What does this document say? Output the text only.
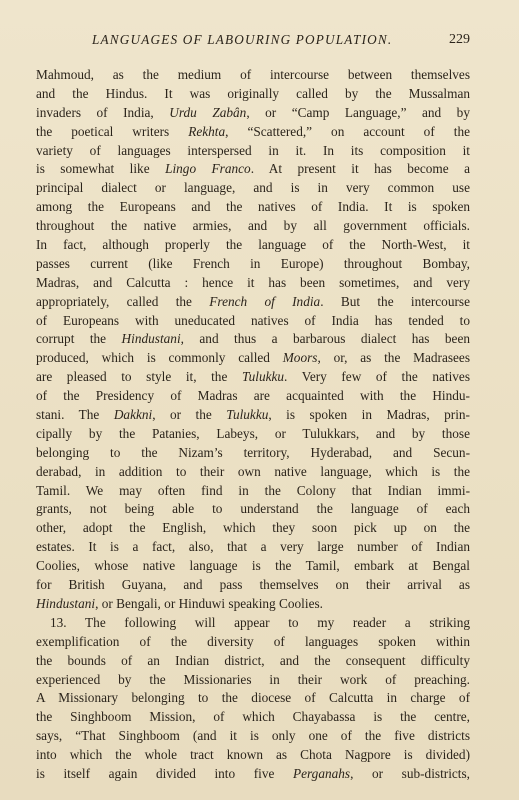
LANGUAGES OF LABOURING POPULATION.	229
Mahmoud, as the medium of intercourse between themselves
and the Hindus. It was originally called by the Mussalman
invaders of India, Urdu Zabân, or “Camp Language,” and by
the poetical writers Rekhta, “Scattered,” on account of the
variety of languages interspersed in it. In its composition it
is somewhat like Lingo Franco. At present it has become a
principal dialect or language, and is in very common use
among the Europeans and the natives of India. It is spoken
throughout the native armies, and by all government officials.
In fact, although properly the language of the North-West, it
passes current (like French in Europe) throughout Bombay,
Madras, and Calcutta : hence it has been sometimes, and very
appropriately, called the French of India. But the intercourse
of Europeans with uneducated natives of India has tended to
corrupt the Hindustani, and thus a barbarous dialect has been
produced, which is commonly called Moors, or, as the Madrasees
are pleased to style it, the Tulukku. Very few of the natives
of the Presidency of Madras are acquainted with the Hindu-
stani. The Dakkni, or the Tulukku, is spoken in Madras, prin-
cipally by the Patanies, Labeys, or Tulukkars, and by those
belonging to the Nizam’s territory, Hyderabad, and Secun-
derabad, in addition to their own native language, which is the
Tamil. We may often find in the Colony that Indian immi-
grants, not being able to understand the language of each
other, adopt the English, which they soon pick up on the
estates. It is a fact, also, that a very large number of Indian
Coolies, whose native language is the Tamil, embark at Bengal
for British Guyana, and pass themselves on their arrival as
Hindustani, or Bengali, or Hinduwi speaking Coolies.
13. The following will appear to my reader a striking
exemplification of the diversity of languages spoken within
the bounds of an Indian district, and the consequent difficulty
experienced by the Missionaries in their work of preaching.
A Missionary belonging to the diocese of Calcutta in charge of
the Singhboom Mission, of which Chayabassa is the centre,
says, “That Singhboom (and it is only one of the five districts
into which the whole tract known as Chota Nagpore is divided)
is itself again divided into five Perganahs, or sub-districts,
